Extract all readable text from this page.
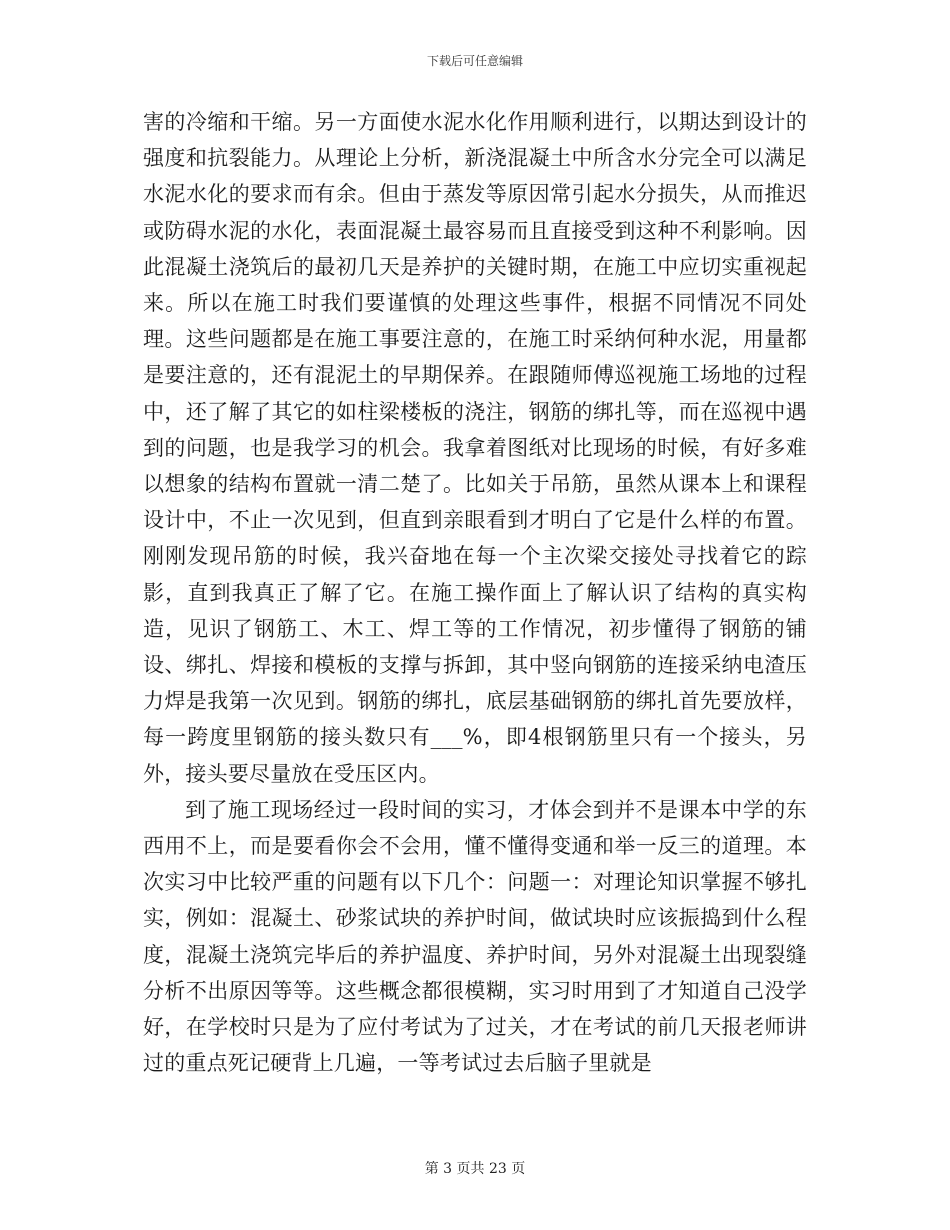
下载后可任意编辑

害的冷缩和干缩。另一方面使水泥水化作用顺利进行，以期达到设计的强度和抗裂能力。从理论上分析，新浇混凝土中所含水分完全可以满足水泥水化的要求而有余。但由于蒸发等原因常引起水分损失，从而推迟或防碍水泥的水化，表面混凝土最容易而且直接受到这种不利影响。因此混凝土浇筑后的最初几天是养护的关键时期，在施工中应切实重视起来。所以在施工时我们要谨慎的处理这些事件，根据不同情况不同处理。这些问题都是在施工事要注意的，在施工时采纳何种水泥，用量都是要注意的，还有混泥土的早期保养。在跟随师傅巡视施工场地的过程中，还了解了其它的如柱梁楼板的浇注，钢筋的绑扎等，而在巡视中遇到的问题，也是我学习的机会。我拿着图纸对比现场的时候，有好多难以想象的结构布置就一清二楚了。比如关于吊筋，虽然从课本上和课程设计中，不止一次见到，但直到亲眼看到才明白了它是什么样的布置。刚刚发现吊筋的时候，我兴奋地在每一个主次梁交接处寻找着它的踪影，直到我真正了解了它。在施工操作面上了解认识了结构的真实构造，见识了钢筋工、木工、焊工等的工作情况，初步懂得了钢筋的铺设、绑扎、焊接和模板的支撑与拆卸，其中竖向钢筋的连接采纳电渣压力焊是我第一次见到。钢筋的绑扎，底层基础钢筋的绑扎首先要放样，每一跨度里钢筋的接头数只有___%，即4根钢筋里只有一个接头，另外，接头要尽量放在受压区内。

到了施工现场经过一段时间的实习，才体会到并不是课本中学的东西用不上，而是要看你会不会用，懂不懂得变通和举一反三的道理。本次实习中比较严重的问题有以下几个：问题一：对理论知识掌握不够扎实，例如：混凝土、砂浆试块的养护时间，做试块时应该振捣到什么程度，混凝土浇筑完毕后的养护温度、养护时间，另外对混凝土出现裂缝分析不出原因等等。这些概念都很模糊，实习时用到了才知道自己没学好，在学校时只是为了应付考试为了过关，才在考试的前几天报老师讲过的重点死记硬背上几遍，一等考试过去后脑子里就是

第 3 页共 23 页
